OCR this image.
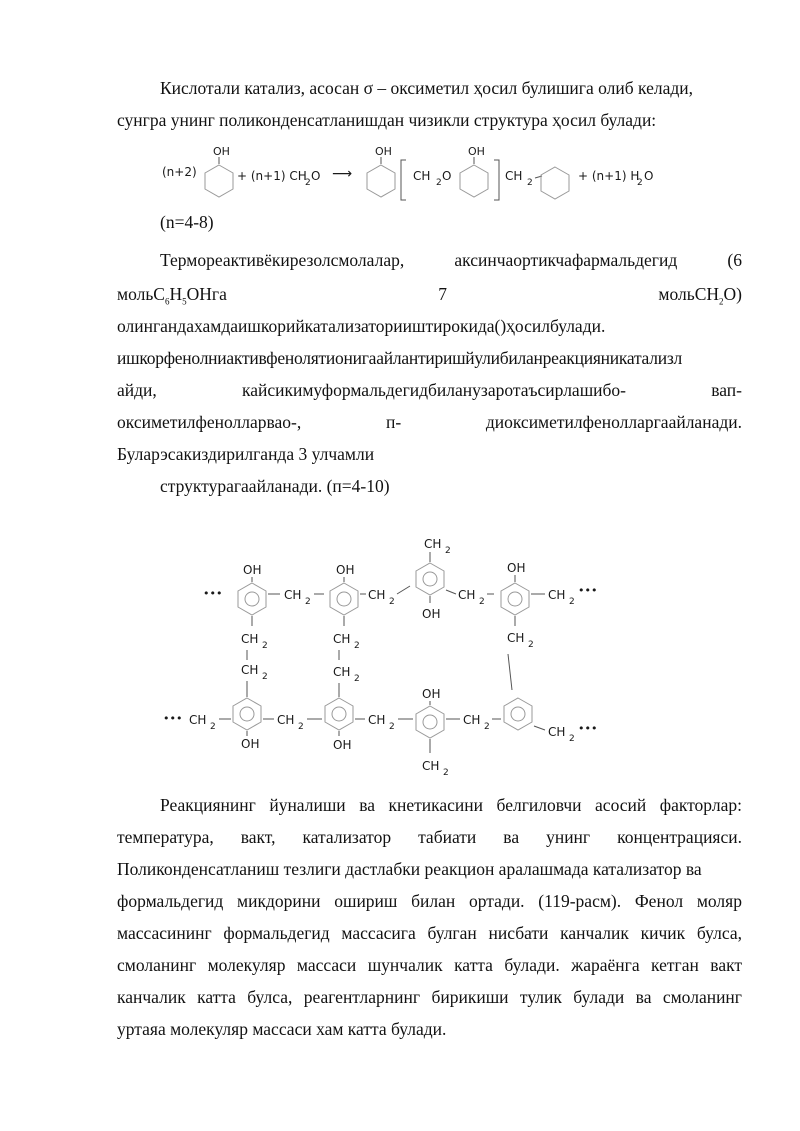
Кислотали катализ, асосан σ – оксиметил ҳосил булишига олиб келади,
сунгра унинг поликонденсатланишдан чизикли структура ҳосил булади:
(n+2)
OH
+ (n+1) CH
2 O ⟶
OH
CH 2 O
OH
CH 2	+ (n+1) H
2 O
(n=4-8)
Термореактивёкирезолсмолалар,	аксинчаортикчафармальдегид	(6
$мольC_6H_5OHга$	7	мольCH$_2$O)
олингандахамдаишкорийкатализаторииштирокида()ҳосилбулади.
ишкорфенолниактивфенолятионигаайлантиришйулибиланреакцияникатализл
айди,	кайсикимуформальдегидбиланузаротаъсирлашибо-	вап-
оксиметилфенолларвао-,	п-	диоксиметилфенолларгаайланади.
Буларэсакиздирилганда 3 улчамли
структурагаайланади. (п=4-10)
•••
OH
CH 2
OH
CH 2
CH 2
OH
CH 2
OH
CH 2
•••
CH 2
CH 2
CH 2
CH 2
CH 2
••• CH 2
OH
CH 2
OH
CH 2
OH
CH 2
CH 2	CH 2
•••
Реакциянинг йуналиши ва кнетикасини белгиловчи асосий факторлар:
температура, вакт, катализатор табиати ва унинг концентрацияси.
Поликонденсатланиш тезлиги дастлабки реакцион аралашмада катализатор ва
формальдегид микдорини ошириш билан ортади. (119-расм). Фенол моляр
массасининг формальдегид массасига булган нисбати канчалик кичик булса,
смоланинг молекуляр массаси шунчалик катта булади. жараёнга кетган вакт
канчалик катта булса, реагентларнинг бирикиши тулик булади ва смоланинг
уртаяа молекуляр массаси хам катта булади.
